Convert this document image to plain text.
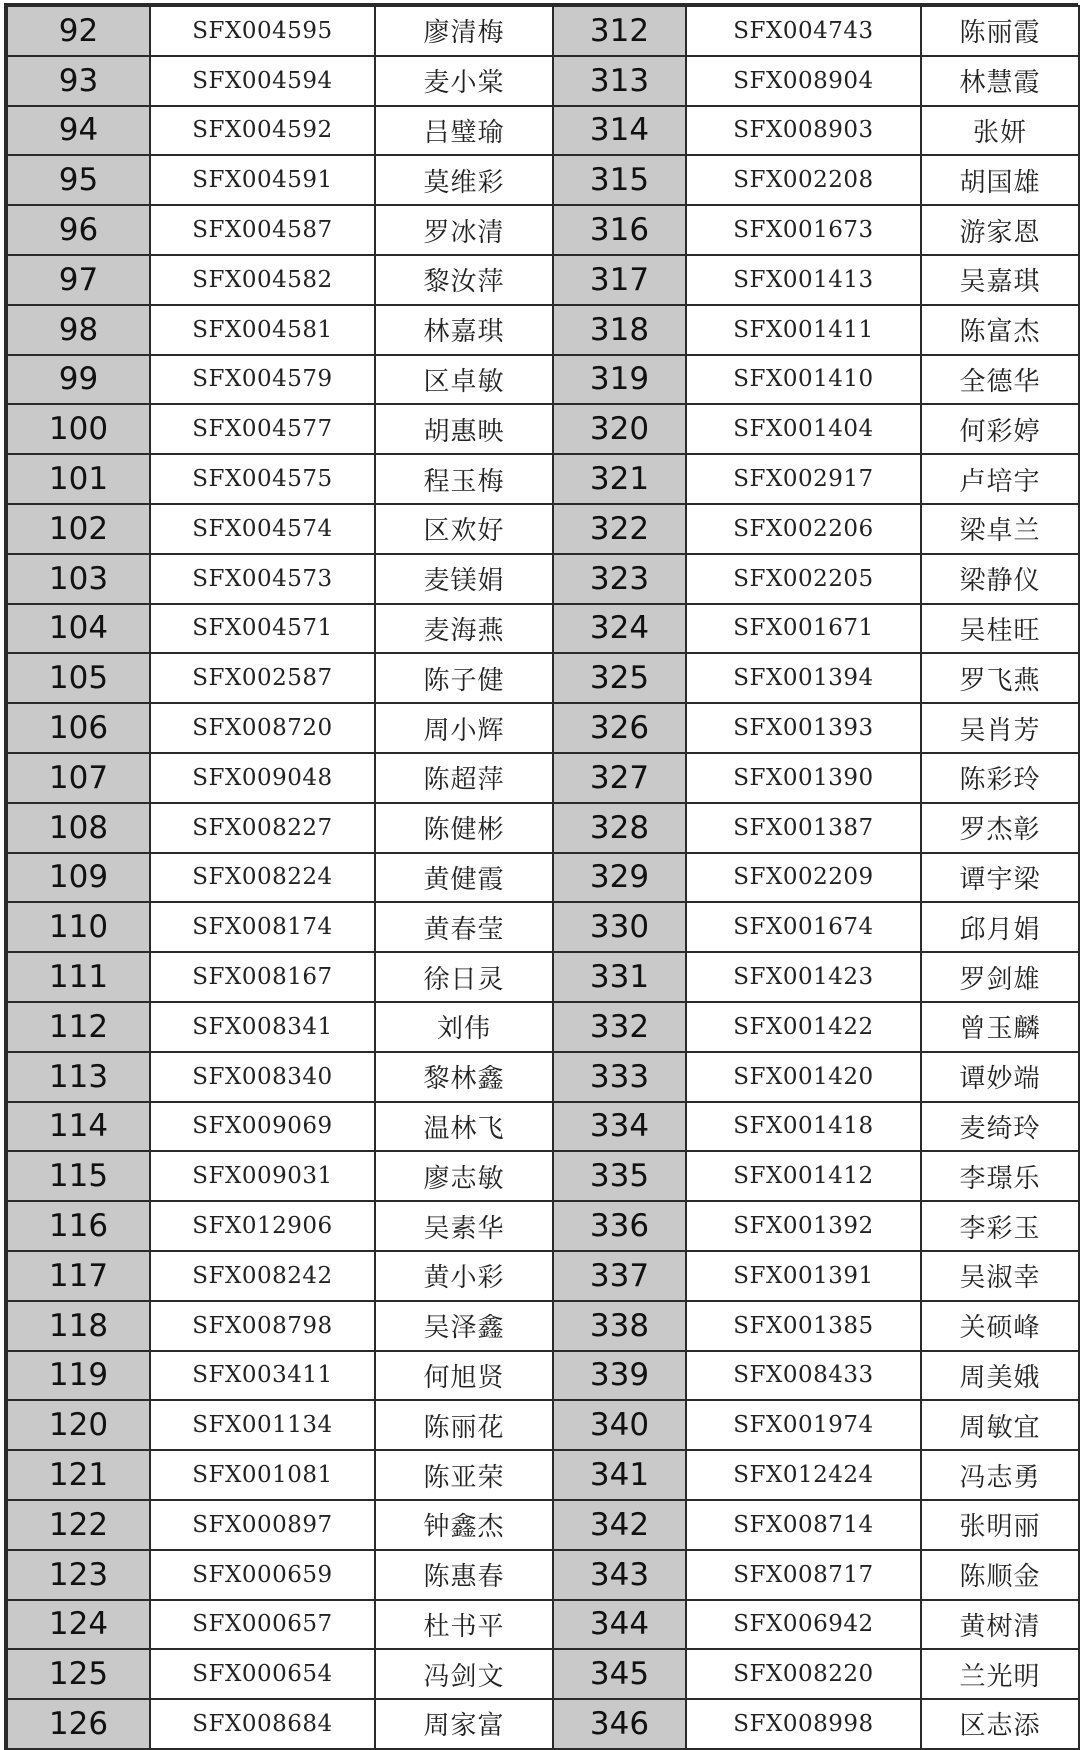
92	SFX004595	廖清梅	312	SFX004743	陈丽霞
93	SFX004594	麦小棠	313	SFX008904	林慧霞
94	SFX004592	吕璧瑜	314	SFX008903	张妍
95	SFX004591	莫维彩	315	SFX002208	胡国雄
96	SFX004587	罗冰清	316	SFX001673	游家恩
97	SFX004582	黎汝萍	317	SFX001413	吴嘉琪
98	SFX004581	林嘉琪	318	SFX001411	陈富杰
99	SFX004579	区卓敏	319	SFX001410	全德华
100	SFX004577	胡惠映	320	SFX001404	何彩婷
101	SFX004575	程玉梅	321	SFX002917	卢培宇
102	SFX004574	区欢好	322	SFX002206	梁卓兰
103	SFX004573	麦镁娟	323	SFX002205	梁静仪
104	SFX004571	麦海燕	324	SFX001671	吴桂旺
105	SFX002587	陈子健	325	SFX001394	罗飞燕
106	SFX008720	周小辉	326	SFX001393	吴肖芳
107	SFX009048	陈超萍	327	SFX001390	陈彩玲
108	SFX008227	陈健彬	328	SFX001387	罗杰彰
109	SFX008224	黄健霞	329	SFX002209	谭宇梁
110	SFX008174	黄春莹	330	SFX001674	邱月娟
111	SFX008167	徐日灵	331	SFX001423	罗剑雄
112	SFX008341	刘伟	332	SFX001422	曾玉麟
113	SFX008340	黎林鑫	333	SFX001420	谭妙端
114	SFX009069	温林飞	334	SFX001418	麦绮玲
115	SFX009031	廖志敏	335	SFX001412	李璟乐
116	SFX012906	吴素华	336	SFX001392	李彩玉
117	SFX008242	黄小彩	337	SFX001391	吴淑幸
118	SFX008798	吴泽鑫	338	SFX001385	关硕峰
119	SFX003411	何旭贤	339	SFX008433	周美娥
120	SFX001134	陈丽花	340	SFX001974	周敏宜
121	SFX001081	陈亚荣	341	SFX012424	冯志勇
122	SFX000897	钟鑫杰	342	SFX008714	张明丽
123	SFX000659	陈惠春	343	SFX008717	陈顺金
124	SFX000657	杜书平	344	SFX006942	黄树清
125	SFX000654	冯剑文	345	SFX008220	兰光明
126	SFX008684	周家富	346	SFX008998	区志添
